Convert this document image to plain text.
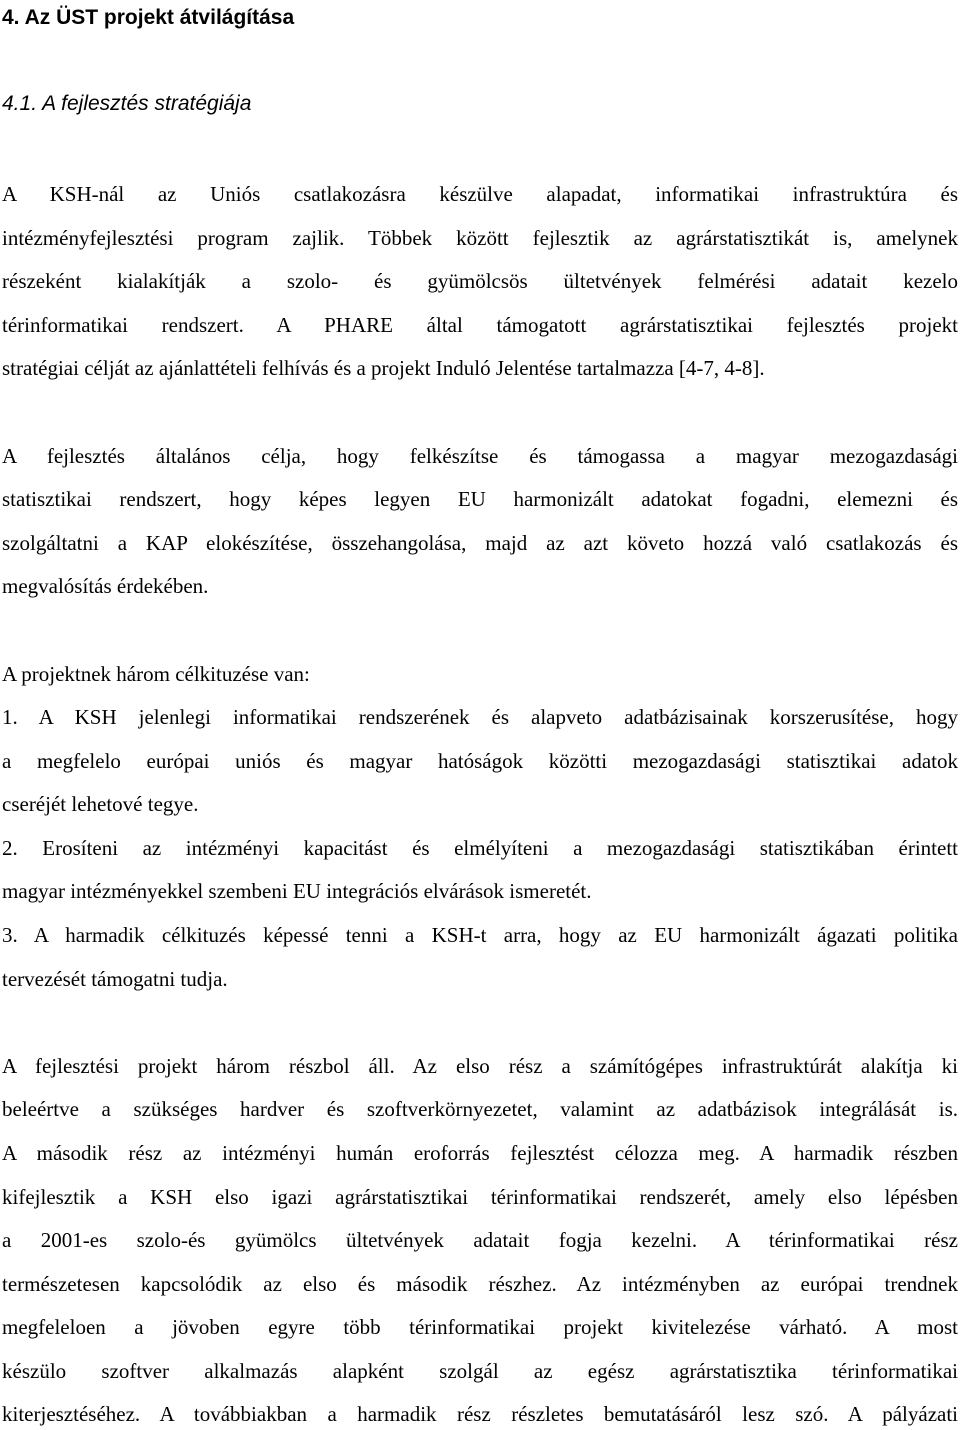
4. Az ÜST projekt átvilágítása
4.1. A fejlesztés stratégiája
A KSH-nál az Uniós csatlakozásra készülve alapadat, informatikai infrastruktúra és
intézményfejlesztési program zajlik. Többek között fejlesztik az agrárstatisztikát is, amelynek
részeként kialakítják a szolo- és gyümölcsös ültetvények felmérési adatait kezelo
térinformatikai rendszert. A PHARE által támogatott agrárstatisztikai fejlesztés projekt
stratégiai célját az ajánlattételi felhívás és a projekt Induló Jelentése tartalmazza [4-7, 4-8].
A fejlesztés általános célja, hogy felkészítse és támogassa a magyar mezogazdasági
statisztikai rendszert, hogy képes legyen EU harmonizált adatokat fogadni, elemezni és
szolgáltatni a KAP elokészítése, összehangolása, majd az azt követo hozzá való csatlakozás és
megvalósítás érdekében.
A projektnek három célkituzése van:
1. A KSH jelenlegi informatikai rendszerének és alapveto adatbázisainak korszerusítése, hogy
a megfelelo európai uniós és magyar hatóságok közötti mezogazdasági statisztikai adatok
cseréjét lehetové tegye.
2. Erosíteni az intézményi kapacitást és elmélyíteni a mezogazdasági statisztikában érintett
magyar intézményekkel szembeni EU integrációs elvárások ismeretét.
3. A harmadik célkituzés képessé tenni a KSH-t arra, hogy az EU harmonizált ágazati politika
tervezését támogatni tudja.
A fejlesztési projekt három részbol áll. Az elso rész a számítógépes infrastruktúrát alakítja ki
beleértve a szükséges hardver és szoftverkörnyezetet, valamint az adatbázisok integrálását is.
A második rész az intézményi humán eroforrás fejlesztést célozza meg. A harmadik részben
kifejlesztik a KSH elso igazi agrárstatisztikai térinformatikai rendszerét, amely elso lépésben
a 2001-es szolo-és gyümölcs ültetvények adatait fogja kezelni. A térinformatikai rész
természetesen kapcsolódik az elso és második részhez. Az intézményben az európai trendnek
megfeleloen a jövoben egyre több térinformatikai projekt kivitelezése várható. A most
készülo szoftver alkalmazás alapként szolgál az egész agrárstatisztika térinformatikai
kiterjesztéséhez. A továbbiakban a harmadik rész részletes bemutatásáról lesz szó. A pályázati
